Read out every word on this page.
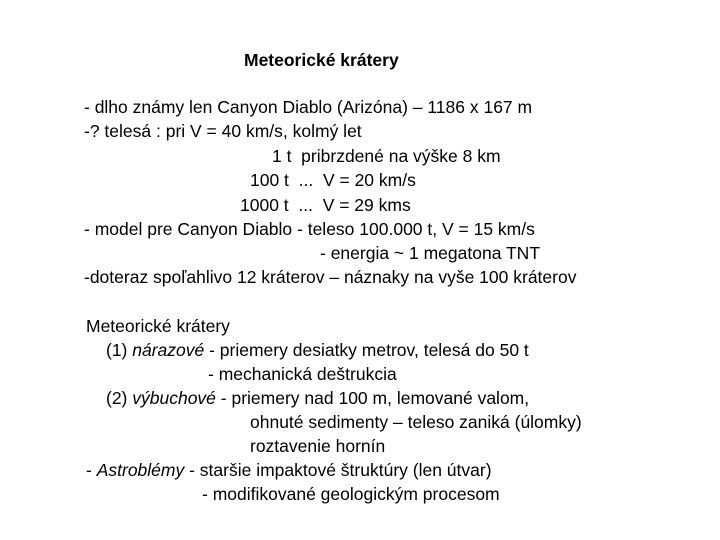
Meteorické krátery
- dlho známy len Canyon Diablo (Arizóna) – 1186 x 167 m
-? telesá : pri V = 40 km/s, kolmý let
1 t  pribrzdené na výške 8 km
100 t  ...  V = 20 km/s
1000 t  ...  V = 29 kms
- model pre Canyon Diablo - teleso 100.000 t, V = 15 km/s
- energia ~ 1 megatona TNT
-doteraz spoľahlivo 12 kráterov – náznaky na vyše 100 kráterov
Meteorické krátery
(1) nárazové - priemery desiatky metrov, telesá do 50 t
- mechanická deštrukcia
(2) výbuchové - priemery nad 100 m, lemované valom,
ohnuté sedimenty – teleso zaniká (úlomky)
roztavenie hornín
- Astroblémy - staršie impaktové štruktúry (len útvar)
- modifikované geologickým procesom
